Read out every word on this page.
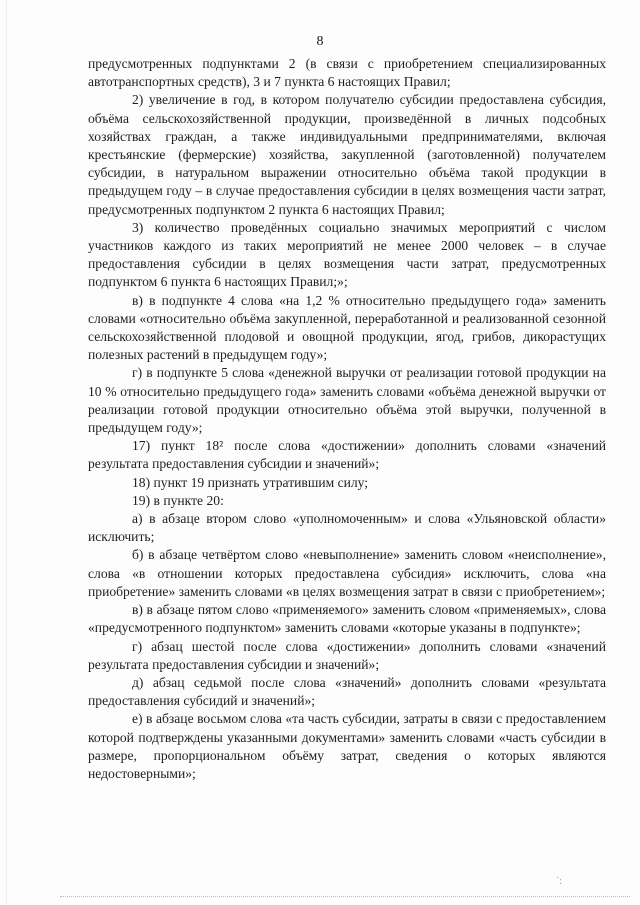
8

предусмотренных подпунктами 2 (в связи с приобретением специализированных автотранспортных средств), 3 и 7 пункта 6 настоящих Правил;

2) увеличение в год, в котором получателю субсидии предоставлена субсидия, объёма сельскохозяйственной продукции, произведённой в личных подсобных хозяйствах граждан, а также индивидуальными предпринимателями, включая крестьянские (фермерские) хозяйства, закупленной (заготовленной) получателем субсидии, в натуральном выражении относительно объёма такой продукции в предыдущем году – в случае предоставления субсидии в целях возмещения части затрат, предусмотренных подпунктом 2 пункта 6 настоящих Правил;

3) количество проведённых социально значимых мероприятий с числом участников каждого из таких мероприятий не менее 2000 человек – в случае предоставления субсидии в целях возмещения части затрат, предусмотренных подпунктом 6 пункта 6 настоящих Правил;»;

в) в подпункте 4 слова «на 1,2 % относительно предыдущего года» заменить словами «относительно объёма закупленной, переработанной и реализованной сезонной сельскохозяйственной плодовой и овощной продукции, ягод, грибов, дикорастущих полезных растений в предыдущем году»;

г) в подпункте 5 слова «денежной выручки от реализации готовой продукции на 10 % относительно предыдущего года» заменить словами «объёма денежной выручки от реализации готовой продукции относительно объёма этой выручки, полученной в предыдущем году»;

17) пункт 18² после слова «достижении» дополнить словами «значений результата предоставления субсидии и значений»;

18) пункт 19 признать утратившим силу;

19) в пункте 20:

а) в абзаце втором слово «уполномоченным» и слова «Ульяновской области» исключить;

б) в абзаце четвёртом слово «невыполнение» заменить словом «неисполнение», слова «в отношении которых предоставлена субсидия» исключить, слова «на приобретение» заменить словами «в целях возмещения затрат в связи с приобретением»;

в) в абзаце пятом слово «применяемого» заменить словом «применяемых», слова «предусмотренного подпунктом» заменить словами «которые указаны в подпункте»;

г) абзац шестой после слова «достижении» дополнить словами «значений результата предоставления субсидии и значений»;

д) абзац седьмой после слова «значений» дополнить словами «результата предоставления субсидий и значений»;

е) в абзаце восьмом слова «та часть субсидии, затраты в связи с предоставлением которой подтверждены указанными документами» заменить словами «часть субсидии в размере, пропорциональном объёму затрат, сведения о которых являются недостоверными»;

˙:
